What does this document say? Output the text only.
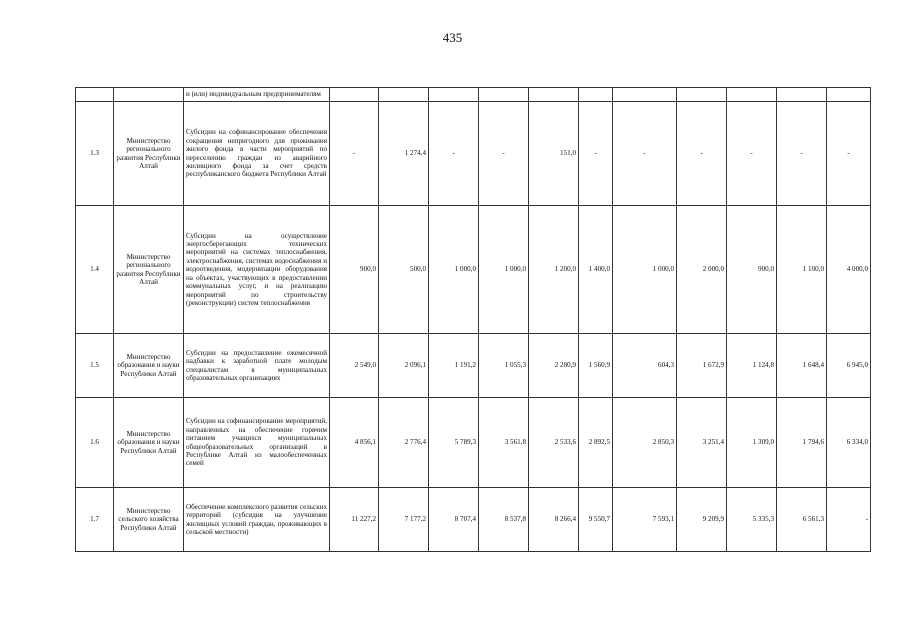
435
		и (или) индивидуальным предпринимателям											
1.3	Министерство регионального развития Республики Алтай	Субсидии на софинансирование обеспечения сокращения непригодного для проживания жилого фонда в части мероприятий по переселению граждан из аварийного жилищного фонда за счет средств республиканского бюджета Республики Алтай	-	1 274,4	-	-	151,0	-	-	-	-	-	-
1.4	Министерство регионального развития Республики Алтай	Субсидии на осуществление энергосберегающих технических мероприятий на системах теплоснабжения, электроснабжения, системах водоснабжения и водоотведения, модернизации оборудования на объектах, участвующих в предоставлении коммунальных услуг, и на реализацию мероприятий по строительству (реконструкции) систем теплоснабжения	900,0	500,0	1 000,0	1 000,0	1 200,0	1 400,0	1 000,0	2 000,0	900,0	1 100,0	4 000,0
1.5	Министерство образования и науки Республики Алтай	Субсидии на предоставление ежемесячной надбавки к заработной плате молодым специалистам в муниципальных образовательных организациях	2 549,0	2 096,1	1 191,2	1 055,3	2 280,9	1 560,9	604,3	1 672,9	1 124,8	1 648,4	6 945,0
1.6	Министерство образования и науки Республики Алтай	Субсидии на софинансирование мероприятий, направленных на обеспечение горячим питанием учащихся муниципальных общеобразовательных организаций в Республике Алтай из малообеспеченных семей	4 856,1	2 776,4	5 789,3	3 561,8	2 533,6	2 892,5	2 850,3	3 251,4	1 309,0	1 794,6	6 334,0
1.7	Министерство сельского хозяйства Республики Алтай	Обеспечение комплексного развития сельских территорий (субсидия на улучшение жилищных условий граждан, проживающих в сельской местности)	11 227,2	7 177,2	8 707,4	8 537,8	8 266,4	9 550,7	7 593,1	9 209,9	5 335,3	6 561,3	-
